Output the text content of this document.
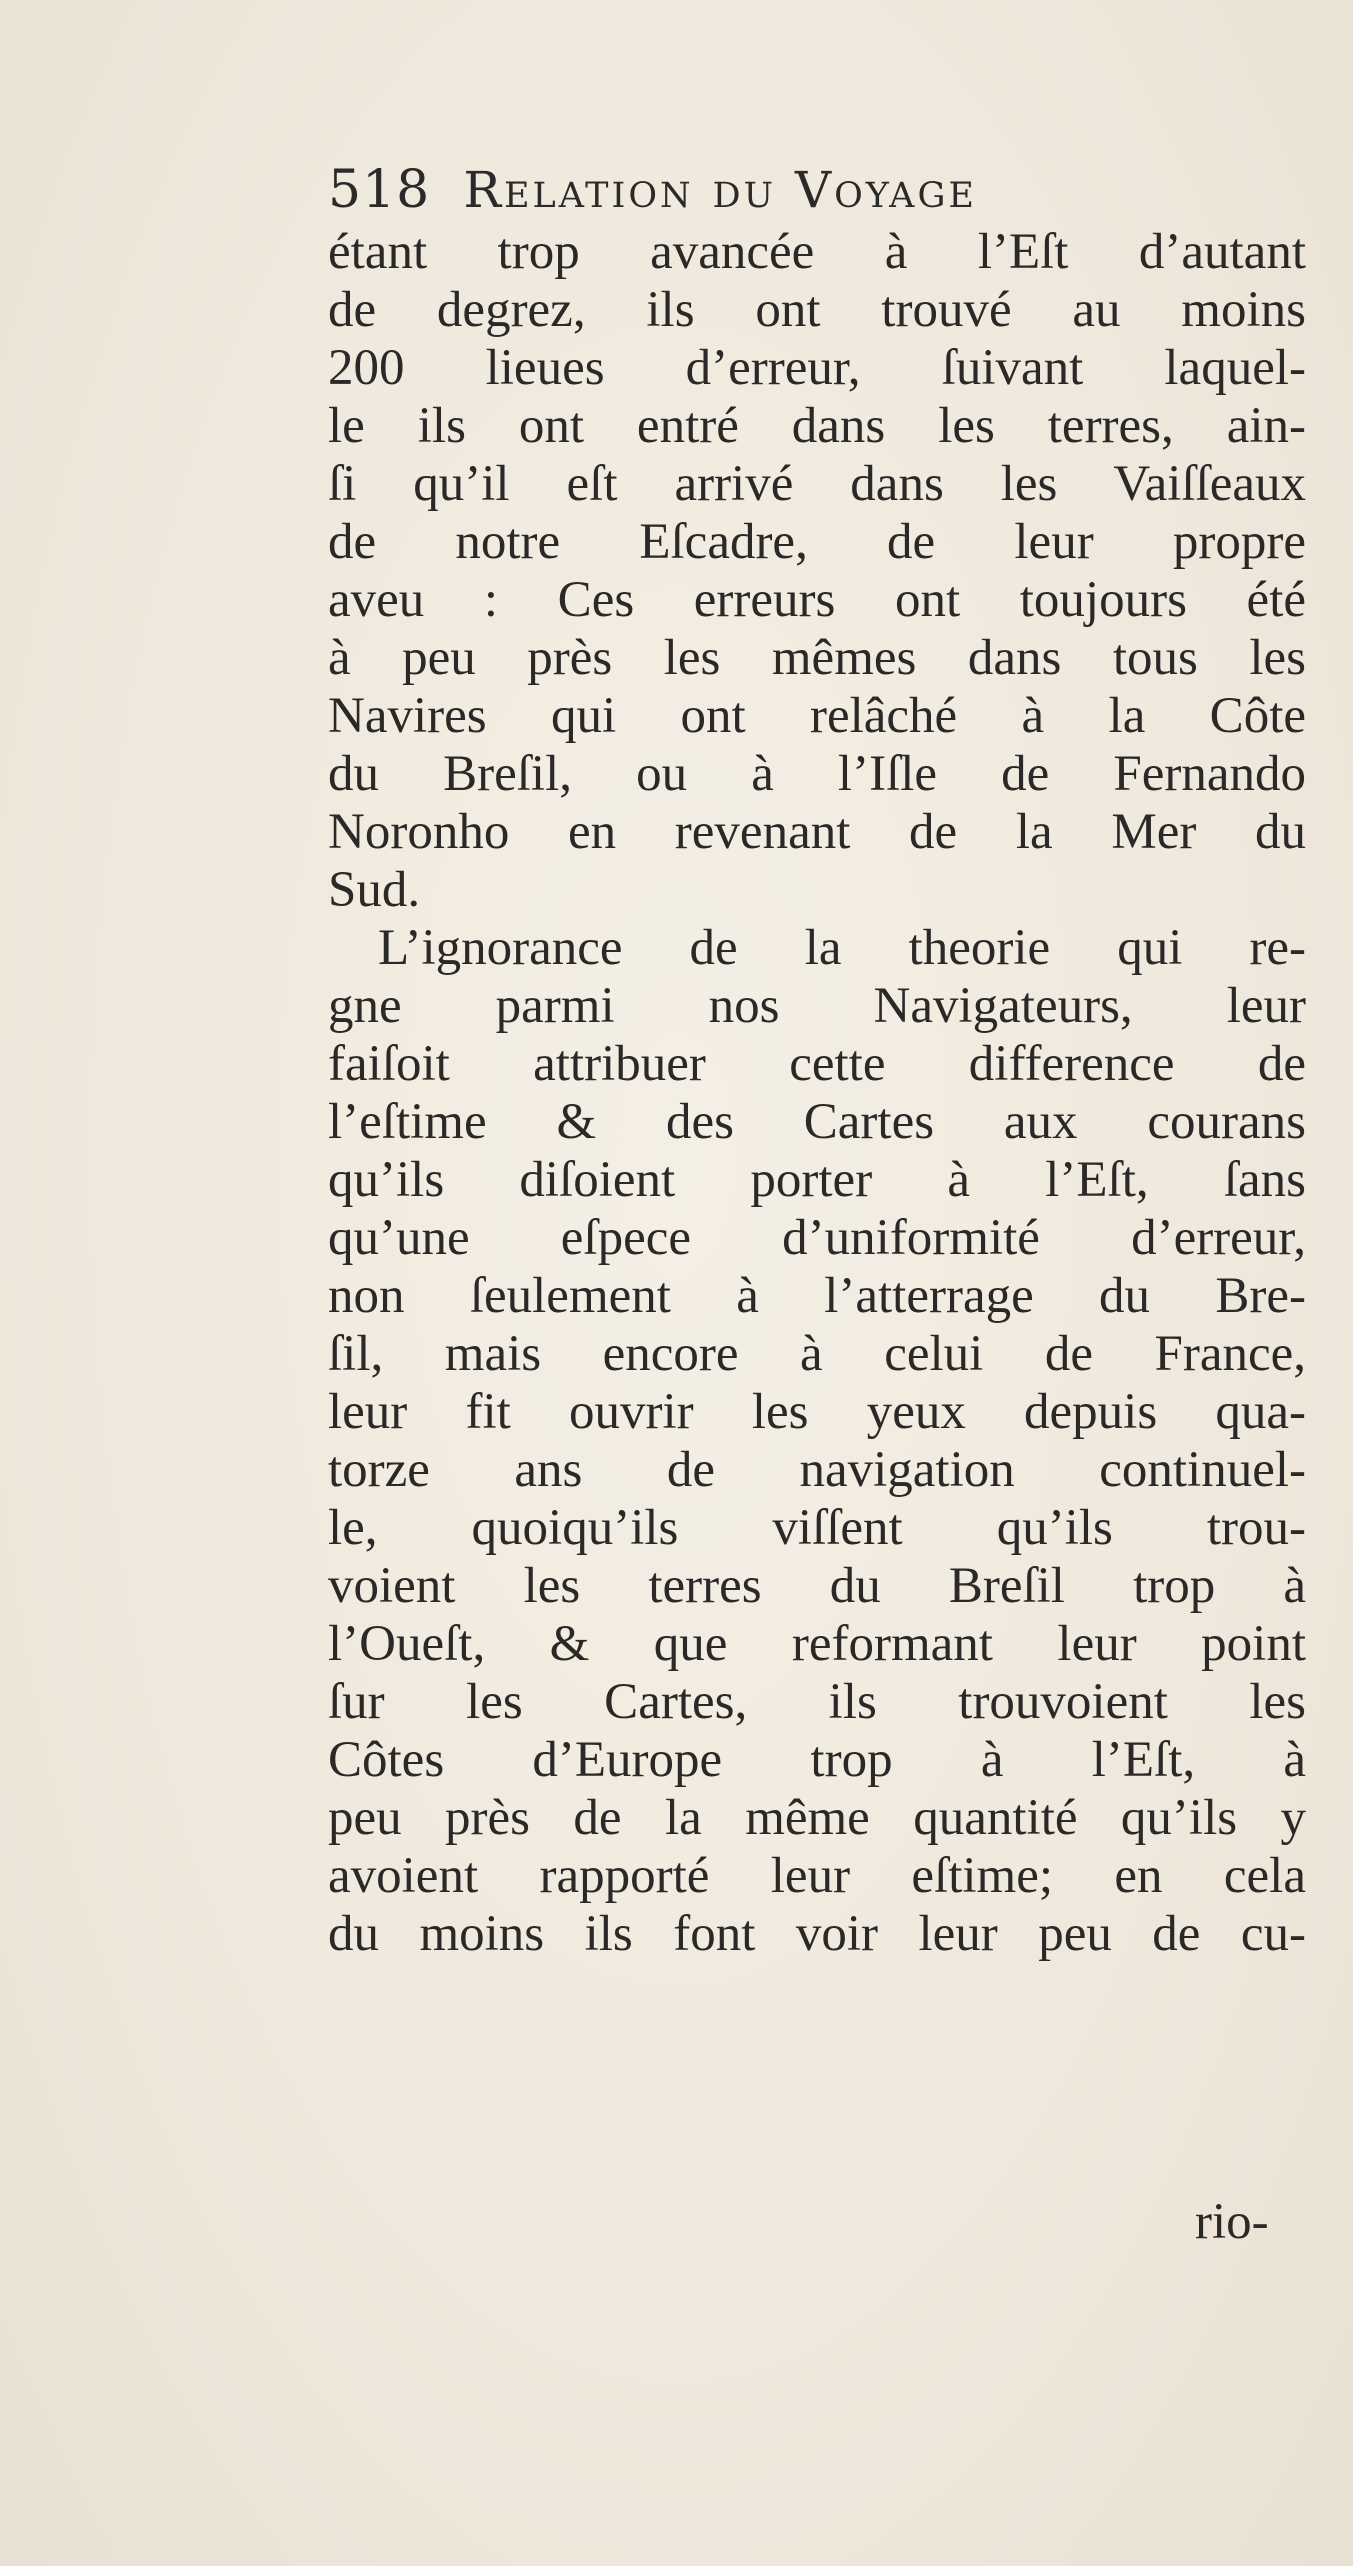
518 Relation du Voyage
étant trop avancée à l’Eſt d’autant
de degrez, ils ont trouvé au moins
200 lieues d’erreur, ſuivant laquel-
le ils ont entré dans les terres, ain-
ſi qu’il eſt arrivé dans les Vaiſſeaux
de notre Eſcadre, de leur propre
aveu : Ces erreurs ont toujours été
à peu près les mêmes dans tous les
Navires qui ont relâché à la Côte
du Breſil, ou à l’Iſle de Fernando
Noronho en revenant de la Mer du
Sud.
L’ignorance de la theorie qui re-
gne parmi nos Navigateurs, leur
faiſoit attribuer cette difference de
l’eſtime & des Cartes aux courans
qu’ils diſoient porter à l’Eſt, ſans
qu’une eſpece d’uniformité d’erreur,
non ſeulement à l’atterrage du Bre-
ſil, mais encore à celui de France,
leur fit ouvrir les yeux depuis qua-
torze ans de navigation continuel-
le, quoiqu’ils viſſent qu’ils trou-
voient les terres du Breſil trop à
l’Oueſt, & que reformant leur point
ſur les Cartes, ils trouvoient les
Côtes d’Europe trop à l’Eſt, à
peu près de la même quantité qu’ils y
avoient rapporté leur eſtime; en cela
du moins ils font voir leur peu de cu-
rio-
